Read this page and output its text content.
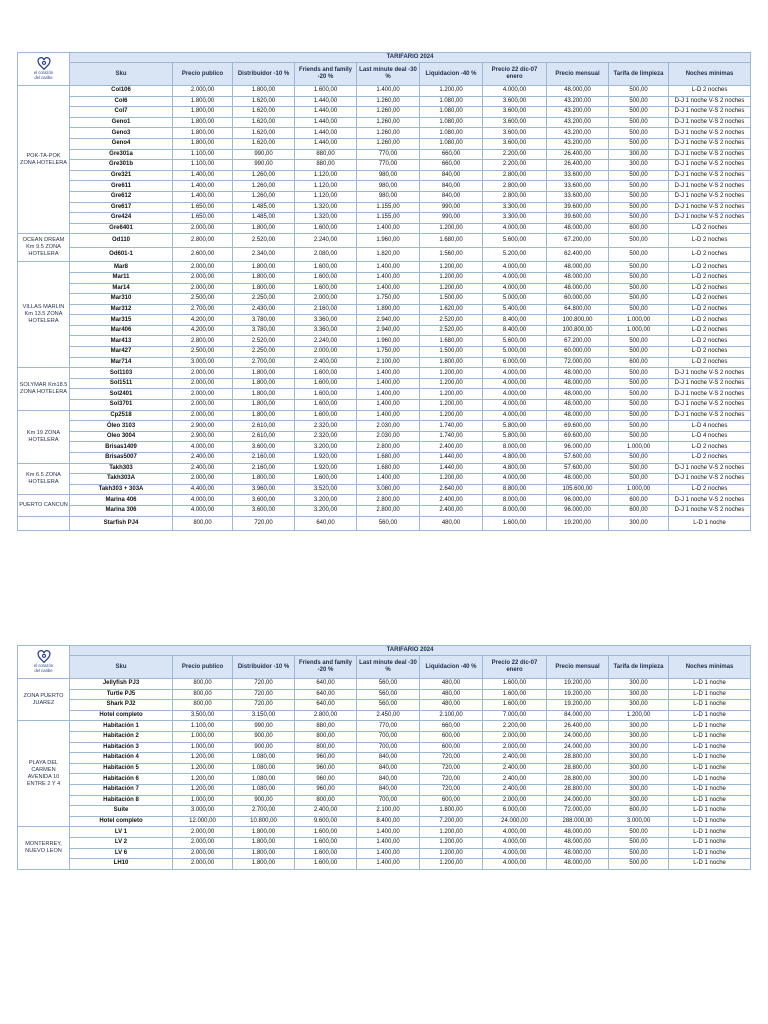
el corazón
del caribe	TARIFARIO 2024									
	Sku	Precio publico	Distribuidor -10 %	Friends and family -20 %	Last minute deal -30 %	Liquidacion -40 %	Precio 22 dic-07 enero	Precio mensual	Tarifa de limpieza	Noches minimas
POK-TA-POK ZONA HOTELERA	Col106	2.000,00	1.800,00	1.600,00	1.400,00	1.200,00	4.000,00	48.000,00	500,00	L-D 2 noches
	Col6	1.800,00	1.620,00	1.440,00	1.260,00	1.080,00	3.600,00	43.200,00	500,00	D-J 1 noche V-S 2 noches
	Col7	1.800,00	1.620,00	1.440,00	1.260,00	1.080,00	3.600,00	43.200,00	500,00	D-J 1 noche V-S 2 noches
	Geno1	1.800,00	1.620,00	1.440,00	1.260,00	1.080,00	3.600,00	43.200,00	500,00	D-J 1 noche V-S 2 noches
	Geno3	1.800,00	1.620,00	1.440,00	1.260,00	1.080,00	3.600,00	43.200,00	500,00	D-J 1 noche V-S 2 noches
	Geno4	1.800,00	1.620,00	1.440,00	1.260,00	1.080,00	3.600,00	43.200,00	500,00	D-J 1 noche V-S 2 noches
	Gre301a	1.100,00	990,00	880,00	770,00	660,00	2.200,00	26.400,00	300,00	D-J 1 noche V-S 2 noches
	Gre301b	1.100,00	990,00	880,00	770,00	660,00	2.200,00	26.400,00	300,00	D-J 1 noche V-S 2 noches
	Gre321	1.400,00	1.260,00	1.120,00	980,00	840,00	2.800,00	33.600,00	500,00	D-J 1 noche V-S 2 noches
	Gre611	1.400,00	1.260,00	1.120,00	980,00	840,00	2.800,00	33.600,00	500,00	D-J 1 noche V-S 2 noches
	Gre612	1.400,00	1.260,00	1.120,00	980,00	840,00	2.800,00	33.600,00	500,00	D-J 1 noche V-S 2 noches
	Gre617	1.650,00	1.485,00	1.320,00	1.155,00	990,00	3.300,00	39.600,00	500,00	D-J 1 noche V-S 2 noches
	Gre424	1.650,00	1.485,00	1.320,00	1.155,00	990,00	3.300,00	39.600,00	500,00	D-J 1 noche V-S 2 noches
	Gre6401	2.000,00	1.800,00	1.600,00	1.400,00	1.200,00	4.000,00	48.000,00	600,00	L-D 2 noches
OCEAN DREAM Km 9.5 ZONA HOTELERA	Od110	2.800,00	2.520,00	2.240,00	1.960,00	1.680,00	5.600,00	67.200,00	500,00	L-D 2 noches
	Od601-1	2.600,00	2.340,00	2.080,00	1.820,00	1.560,00	5.200,00	62.400,00	500,00	L-D 2 noches
VILLAS MARLIN Km 13.5 ZONA HOTELERA	Mar8	2.000,00	1.800,00	1.600,00	1.400,00	1.200,00	4.000,00	48.000,00	500,00	L-D 2 noches
	Mar11	2.000,00	1.800,00	1.600,00	1.400,00	1.200,00	4.000,00	48.000,00	500,00	L-D 2 noches
	Mar14	2.000,00	1.800,00	1.600,00	1.400,00	1.200,00	4.000,00	48.000,00	500,00	L-D 2 noches
	Mar310	2.500,00	2.250,00	2.000,00	1.750,00	1.500,00	5.000,00	60.000,00	500,00	L-D 2 noches
	Mar312	2.700,00	2.430,00	2.160,00	1.890,00	1.620,00	5.400,00	64.800,00	500,00	L-D 2 noches
	Mar315	4.200,00	3.780,00	3.360,00	2.940,00	2.520,00	8.400,00	100.800,00	1.000,00	L-D 2 noches
	Mar406	4.200,00	3.780,00	3.360,00	2.940,00	2.520,00	8.400,00	100.800,00	1.000,00	L-D 2 noches
	Mar413	2.800,00	2.520,00	2.240,00	1.960,00	1.680,00	5.600,00	67.200,00	500,00	L-D 2 noches
	Mar427	2.500,00	2.250,00	2.000,00	1.750,00	1.500,00	5.000,00	60.000,00	500,00	L-D 2 noches
	Mar714	3.000,00	2.700,00	2.400,00	2.100,00	1.800,00	6.000,00	72.000,00	600,00	L-D 2 noches
SOLYMAR Km18.5 ZONA HOTELERA	Sol1103	2.000,00	1.800,00	1.600,00	1.400,00	1.200,00	4.000,00	48.000,00	500,00	D-J 1 noche V-S 2 noches
	Sol1511	2.000,00	1.800,00	1.600,00	1.400,00	1.200,00	4.000,00	48.000,00	500,00	D-J 1 noche V-S 2 noches
	Sol2401	2.000,00	1.800,00	1.600,00	1.400,00	1.200,00	4.000,00	48.000,00	500,00	D-J 1 noche V-S 2 noches
	Sol3701	2.000,00	1.800,00	1.600,00	1.400,00	1.200,00	4.000,00	48.000,00	500,00	D-J 1 noche V-S 2 noches
Km 19 ZONA HOTELERA	Cp2518	2.000,00	1.800,00	1.600,00	1.400,00	1.200,00	4.000,00	48.000,00	500,00	D-J 1 noche V-S 2 noches
	Óleo 3103	2.900,00	2.610,00	2.320,00	2.030,00	1.740,00	5.800,00	69.600,00	500,00	L-D 4 noches
	Óleo 3004	2.900,00	2.610,00	2.320,00	2.030,00	1.740,00	5.800,00	69.600,00	500,00	L-D 4 noches
	Brisas1409	4.000,00	3.600,00	3.200,00	2.800,00	2.400,00	8.000,00	96.000,00	1.000,00	L-D 2 noches
	Brisas5007	2.400,00	2.160,00	1.920,00	1.680,00	1.440,00	4.800,00	57.600,00	500,00	L-D 2 noches
Km 6.5 ZONA HOTELERA	Takh303	2.400,00	2.160,00	1.920,00	1.680,00	1.440,00	4.800,00	57.600,00	500,00	D-J 1 noche V-S 2 noches
	Takh303A	2.000,00	1.800,00	1.600,00	1.400,00	1.200,00	4.000,00	48.000,00	500,00	D-J 1 noche V-S 2 noches
	Takh303 + 303A	4.400,00	3.960,00	3.520,00	3.080,00	2.640,00	8.800,00	105.600,00	1.000,00	L-D 2 noches
PUERTO CANCUN	Marina 406	4.000,00	3.600,00	3.200,00	2.800,00	2.400,00	8.000,00	96.000,00	600,00	D-J 1 noche V-S 2 noches
	Marina 306	4.000,00	3.600,00	3.200,00	2.800,00	2.400,00	8.000,00	96.000,00	600,00	D-J 1 noche V-S 2 noches
	Starfish PJ4	800,00	720,00	640,00	560,00	480,00	1.600,00	19.200,00	300,00	L-D 1 noche
el corazón
del caribe	TARIFARIO 2024									
	Sku	Precio publico	Distribuidor -10 %	Friends and family -20 %	Last minute deal -30 %	Liquidacion -40 %	Precio 22 dic-07 enero	Precio mensual	Tarifa de limpieza	Noches minimas
ZONA PUERTO JUAREZ	Jellyfish PJ3	800,00	720,00	640,00	560,00	480,00	1.600,00	19.200,00	300,00	L-D 1 noche
	Turtle PJ5	800,00	720,00	640,00	560,00	480,00	1.600,00	19.200,00	300,00	L-D 1 noche
	Shark PJ2	800,00	720,00	640,00	560,00	480,00	1.600,00	19.200,00	300,00	L-D 1 noche
	Hotel completo	3.500,00	3.150,00	2.800,00	2.450,00	2.100,00	7.000,00	84.000,00	1.200,00	L-D 1 noche
PLAYA DEL CARMEN AVENIDA 10 ENTRE 2 Y 4	Habitación 1	1.100,00	990,00	880,00	770,00	660,00	2.200,00	26.400,00	300,00	L-D 1 noche
	Habitación 2	1.000,00	900,00	800,00	700,00	600,00	2.000,00	24.000,00	300,00	L-D 1 noche
	Habitación 3	1.000,00	900,00	800,00	700,00	600,00	2.000,00	24.000,00	300,00	L-D 1 noche
	Habitación 4	1.200,00	1.080,00	960,00	840,00	720,00	2.400,00	28.800,00	300,00	L-D 1 noche
	Habitación 5	1.200,00	1.080,00	960,00	840,00	720,00	2.400,00	28.800,00	300,00	L-D 1 noche
	Habitación 6	1.200,00	1.080,00	960,00	840,00	720,00	2.400,00	28.800,00	300,00	L-D 1 noche
	Habitación 7	1.200,00	1.080,00	960,00	840,00	720,00	2.400,00	28.800,00	300,00	L-D 1 noche
	Habitación 8	1.000,00	900,00	800,00	700,00	600,00	2.000,00	24.000,00	300,00	L-D 1 noche
	Suite	3.000,00	2.700,00	2.400,00	2.100,00	1.800,00	6.000,00	72.000,00	600,00	L-D 1 noche
	Hotel completo	12.000,00	10.800,00	9.600,00	8.400,00	7.200,00	24.000,00	288.000,00	3.000,00	L-D 1 noche
MONTERREY, NUEVO LEON	LV 1	2.000,00	1.800,00	1.600,00	1.400,00	1.200,00	4.000,00	48.000,00	500,00	L-D 1 noche
	LV 2	2.000,00	1.800,00	1.600,00	1.400,00	1.200,00	4.000,00	48.000,00	500,00	L-D 1 noche
	LV 6	2.000,00	1.800,00	1.600,00	1.400,00	1.200,00	4.000,00	48.000,00	500,00	L-D 1 noche
	LH10	2.000,00	1.800,00	1.600,00	1.400,00	1.200,00	4.000,00	48.000,00	500,00	L-D 1 noche
